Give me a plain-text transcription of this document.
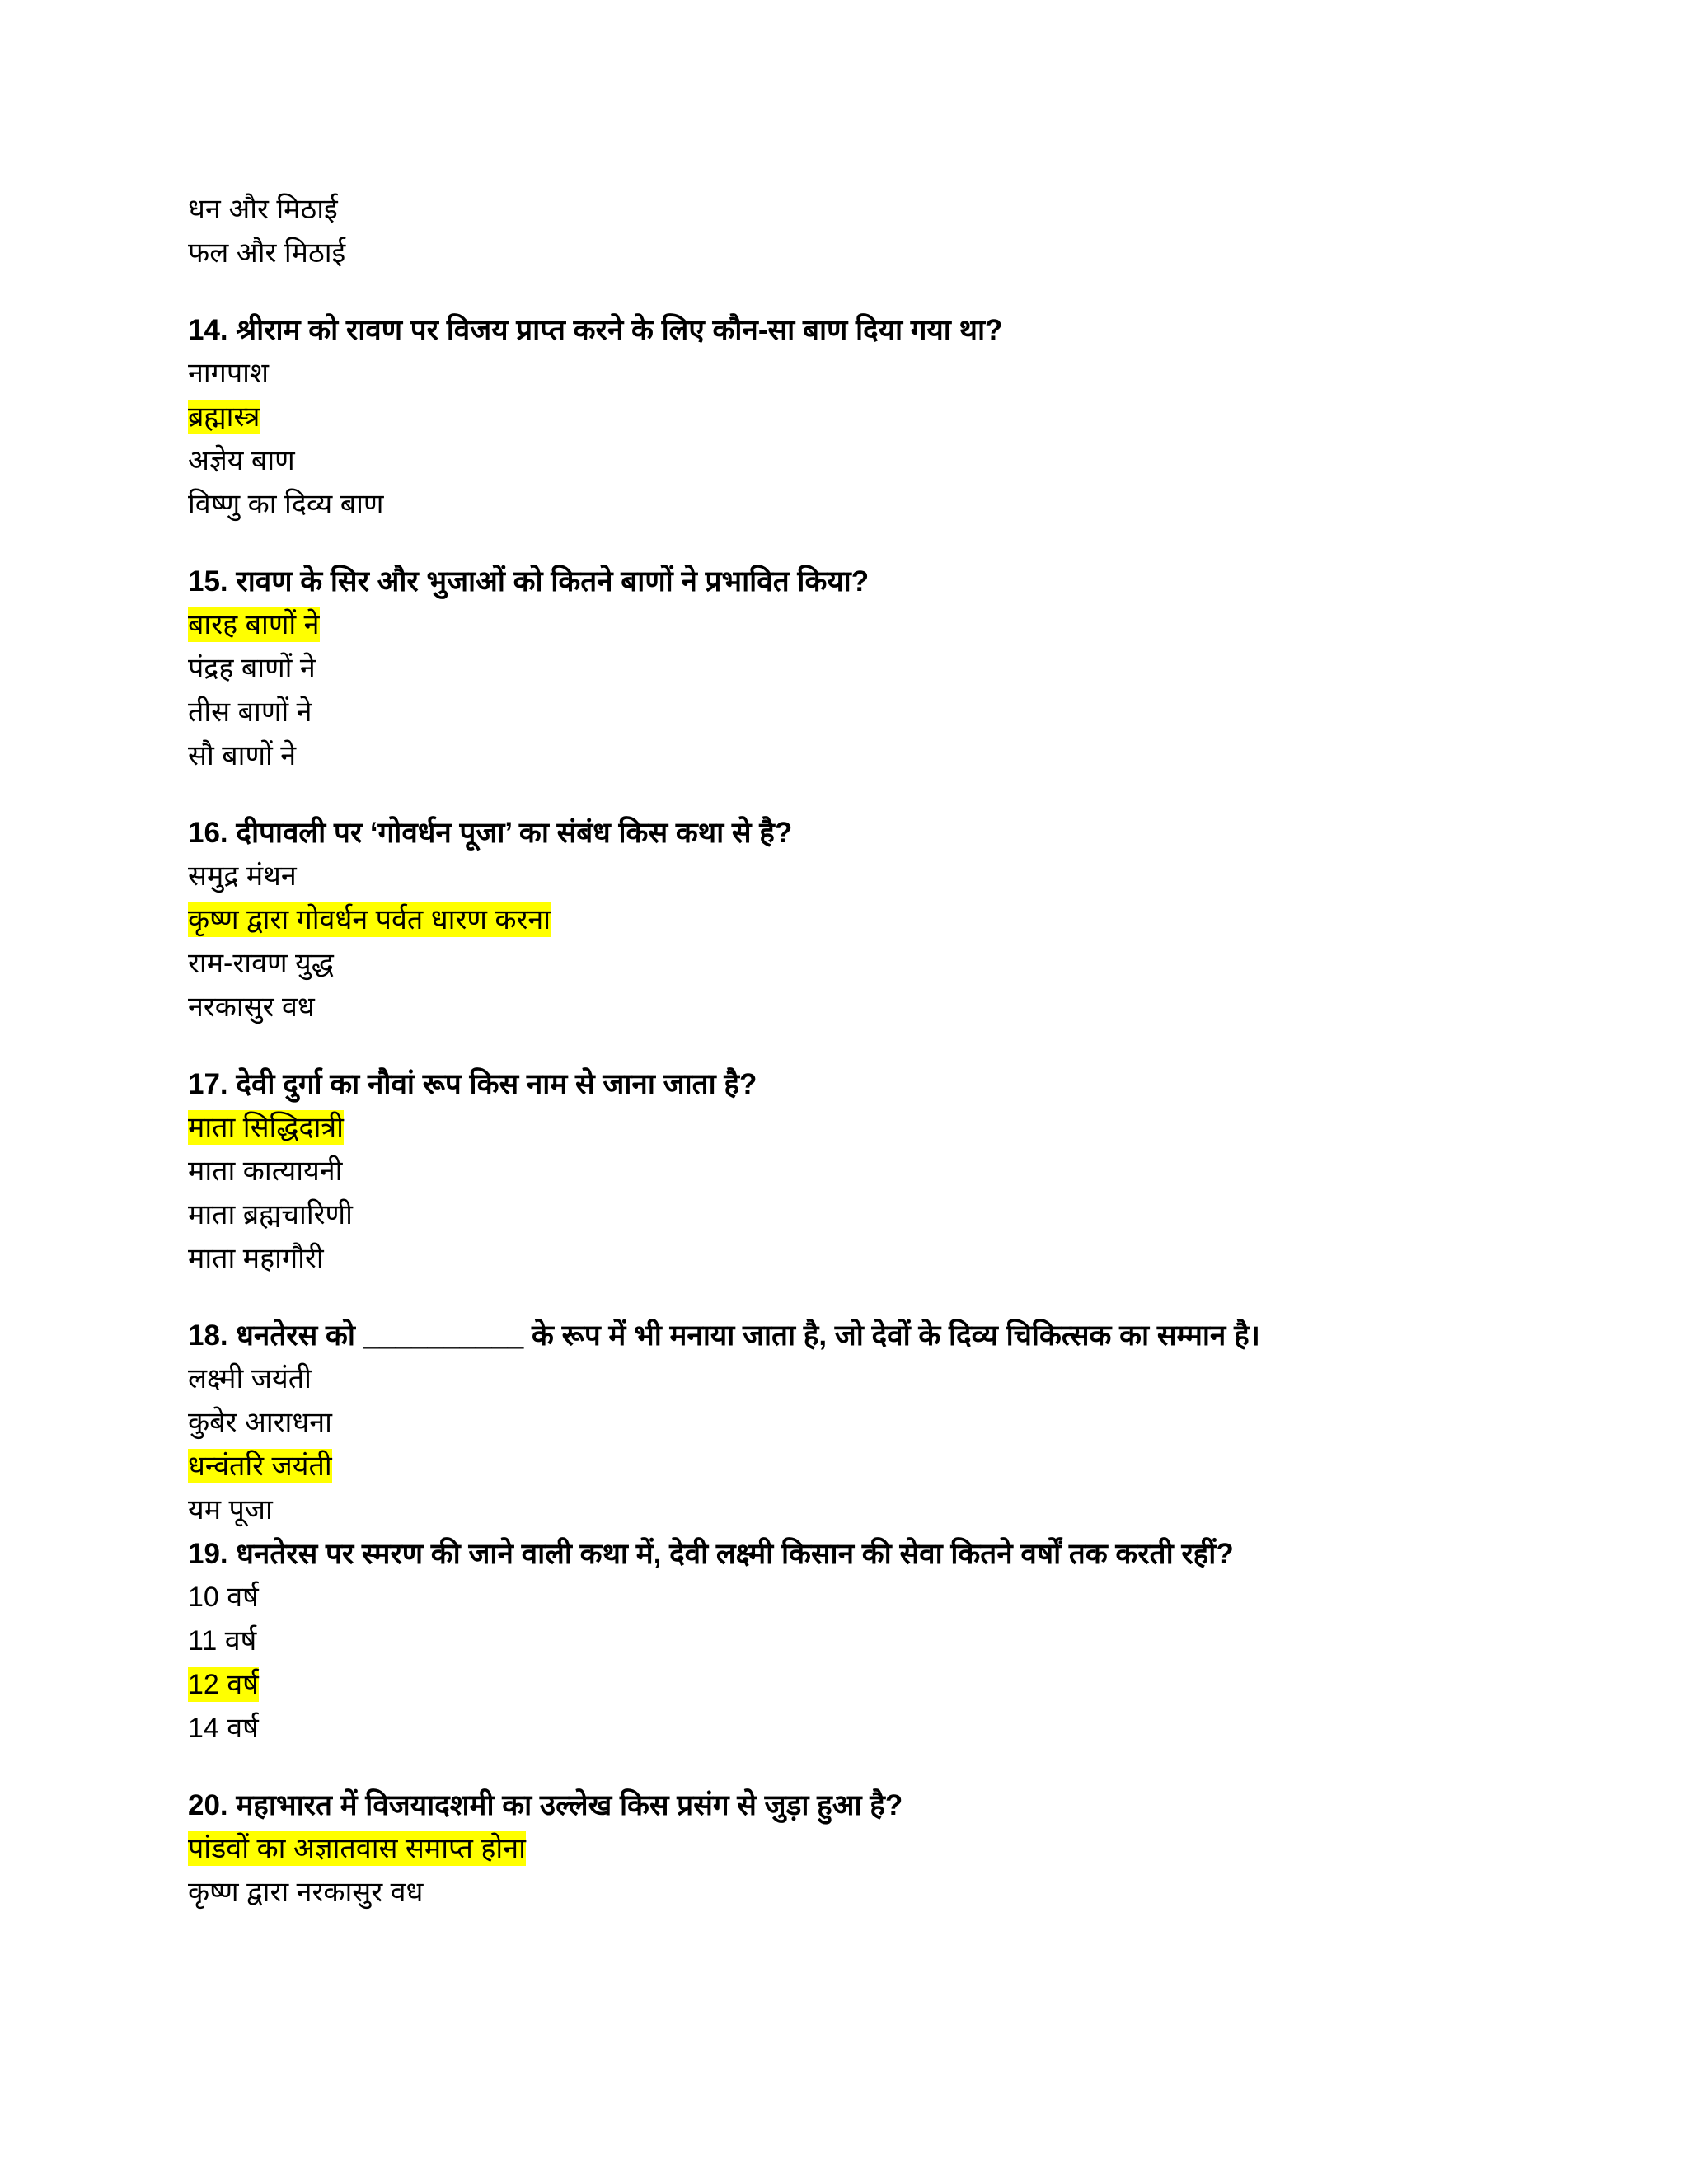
धन और मिठाई
फल और मिठाई
14. श्रीराम को रावण पर विजय प्राप्त करने के लिए कौन-सा बाण दिया गया था?
नागपाश
ब्रह्मास्त्र
अज्ञेय बाण
विष्णु का दिव्य बाण
15. रावण के सिर और भुजाओं को कितने बाणों ने प्रभावित किया?
बारह बाणों ने
पंद्रह बाणों ने
तीस बाणों ने
सौ बाणों ने
16. दीपावली पर ‘गोवर्धन पूजा’ का संबंध किस कथा से है?
समुद्र मंथन
कृष्ण द्वारा गोवर्धन पर्वत धारण करना
राम-रावण युद्ध
नरकासुर वध
17. देवी दुर्गा का नौवां रूप किस नाम से जाना जाता है?
माता सिद्धिदात्री
माता कात्यायनी
माता ब्रह्मचारिणी
माता महागौरी
18. धनतेरस को __________ के रूप में भी मनाया जाता है, जो देवों के दिव्य चिकित्सक का सम्मान है।
लक्ष्मी जयंती
कुबेर आराधना
धन्वंतरि जयंती
यम पूजा
19. धनतेरस पर स्मरण की जाने वाली कथा में, देवी लक्ष्मी किसान की सेवा कितने वर्षों तक करती रहीं?
10 वर्ष
11 वर्ष
12 वर्ष
14 वर्ष
20. महाभारत में विजयादशमी का उल्लेख किस प्रसंग से जुड़ा हुआ है?
पांडवों का अज्ञातवास समाप्त होना
कृष्ण द्वारा नरकासुर वध
